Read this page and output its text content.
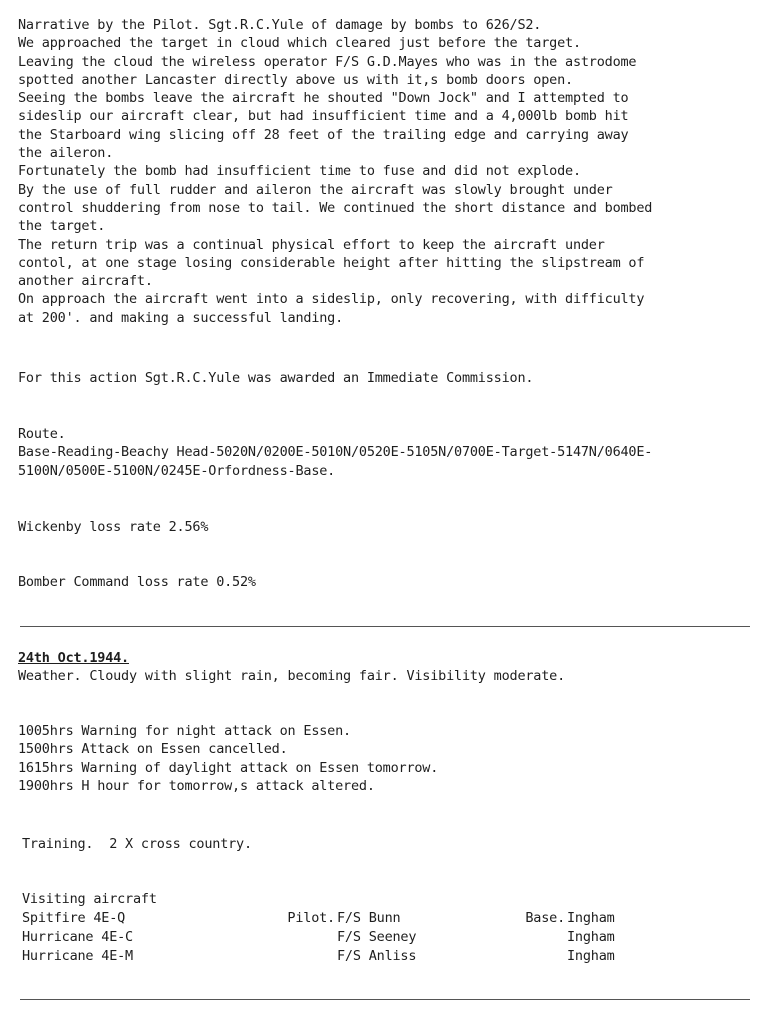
Narrative by the Pilot. Sgt.R.C.Yule of damage by bombs to 626/S2.
We approached the target in cloud which cleared just before the target.
Leaving the cloud the wireless operator F/S G.D.Mayes who was in the astrodome
spotted another Lancaster directly above us with it,s bomb doors open.
Seeing the bombs leave the aircraft he shouted "Down Jock" and I attempted to
sideslip our aircraft clear, but had insufficient time and a 4,000lb bomb hit
the Starboard wing slicing off 28 feet of the trailing edge and carrying away
the aileron.
Fortunately the bomb had insufficient time to fuse and did not explode.
By the use of full rudder and aileron the aircraft was slowly brought under
control shuddering from nose to tail. We continued the short distance and bombed
the target.
The return trip was a continual physical effort to keep the aircraft under
contol, at one stage losing considerable height after hitting the slipstream of
another aircraft.
On approach the aircraft went into a sideslip, only recovering, with difficulty
at 200'. and making a successful landing.
For this action Sgt.R.C.Yule was awarded an Immediate Commission.
Route.
Base-Reading-Beachy Head-5020N/0200E-5010N/0520E-5105N/0700E-Target-5147N/0640E-
5100N/0500E-5100N/0245E-Orfordness-Base.
Wickenby loss rate 2.56%
Bomber Command loss rate 0.52%
24th Oct.1944.
Weather. Cloudy with slight rain, becoming fair. Visibility moderate.
1005hrs Warning for night attack on Essen.
1500hrs Attack on Essen cancelled.
1615hrs Warning of daylight attack on Essen tomorrow.
1900hrs H hour for tomorrow,s attack altered.
Training.  2 X cross country.
Visiting aircraft
Spitfire 4E-Q	Pilot. F/S Bunn	Base. Ingham
Hurricane 4E-C	F/S Seeney	Ingham
Hurricane 4E-M	F/S Anliss	Ingham
